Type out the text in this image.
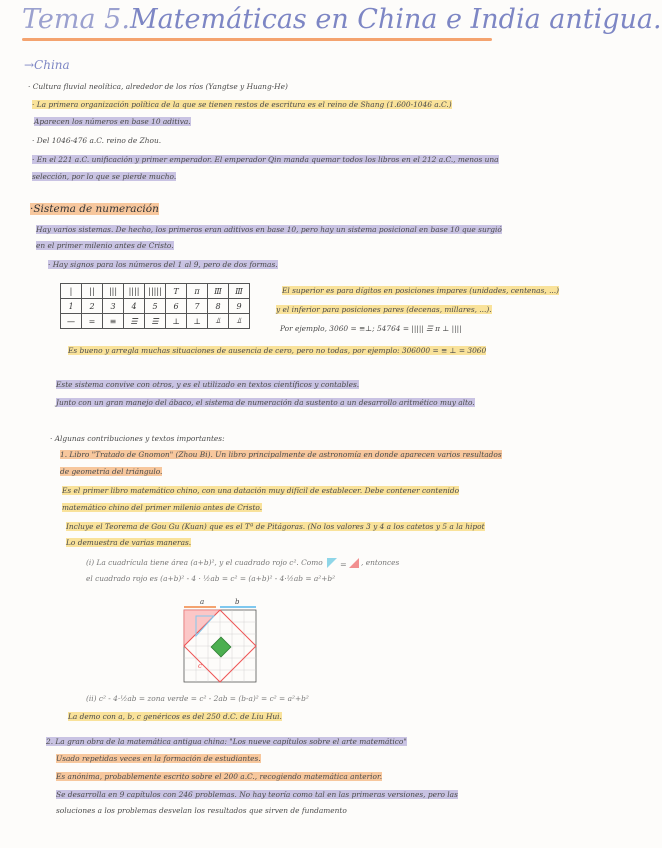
Tema 5.Matemáticas en China e India antigua.
→China
· Cultura fluvial neolítica, alrededor de los ríos (Yangtse y Huang-He)
· La primera organización política de la que se tienen restos de escritura es el reino de Shang (1.600-1046 a.C.)
Aparecen los números en base 10 aditiva.
· Del 1046-476 a.C. reino de Zhou.
· En el 221 a.C. unificación y primer emperador. El emperador Qin manda quemar todos los libros en el 212 a.C., menos una
selección, por lo que se pierde mucho.
·Sistema de numeración
Hay varios sistemas. De hecho, los primeros eran aditivos en base 10, pero hay un sistema posicional en base 10 que surgió
en el primer milenio antes de Cristo.
· Hay signos para los números del 1 al 9, pero de dos formas.
|	||	|||	||||	|||||	T	π	Ⅲ	Ⅲ
1	2	3	4	5	6	7	8	9
—	=	≡	☰	☰	⊥	⊥	⫫	⫫
El superior es para dígitos en posiciones impares (unidades, centenas, ...)
y el inferior para posiciones pares (decenas, millares, ...).
Por ejemplo, 3060 = ≡⊥; 54764 = ||||| ☰ π ⊥ ||||
Es bueno y arregla muchas situaciones de ausencia de cero, pero no todas, por ejemplo: 306000 = ≡ ⊥ = 3060
Este sistema convive con otros, y es el utilizado en textos científicos y contables.
Junto con un gran manejo del ábaco, el sistema de numeración da sustento a un desarrollo aritmético muy alto.
· Algunas contribuciones y textos importantes:
1. Libro "Tratado de Gnomon" (Zhou Bi). Un libro principalmente de astronomía en donde aparecen varios resultados
de geometría del triángulo.
Es el primer libro matemático chino, con una datación muy difícil de establecer. Debe contener contenido
matemático chino del primer milenio antes de Cristo.
Incluye el Teorema de Gou Gu (Kuan) que es el Tª de Pitágoras. (No los valores 3 y 4 a los catetos y 5 a la hipot
Lo demuestra de varias maneras.
(i) La cuadrícula tiene área (a+b)², y el cuadrado rojo c². Como = , entonces
el cuadrado rojo es (a+b)² - 4 · ½ab = c² = (a+b)² - 4·½ab = a²+b²
a	b
c
(ii) c² - 4·½ab = zona verde = c² - 2ab = (b-a)² = c² = a²+b²
La demo con a, b, c genéricos es del 250 d.C. de Liu Hui.
2. La gran obra de la matemática antigua china: "Los nueve capítulos sobre el arte matemático"
Usado repetidas veces en la formación de estudiantes.
Es anónima, probablemente escrito sobre el 200 a.C., recogiendo matemática anterior.
Se desarrolla en 9 capítulos con 246 problemas. No hay teoría como tal en las primeras versiones, pero las
soluciones a los problemas desvelan los resultados que sirven de fundamento
